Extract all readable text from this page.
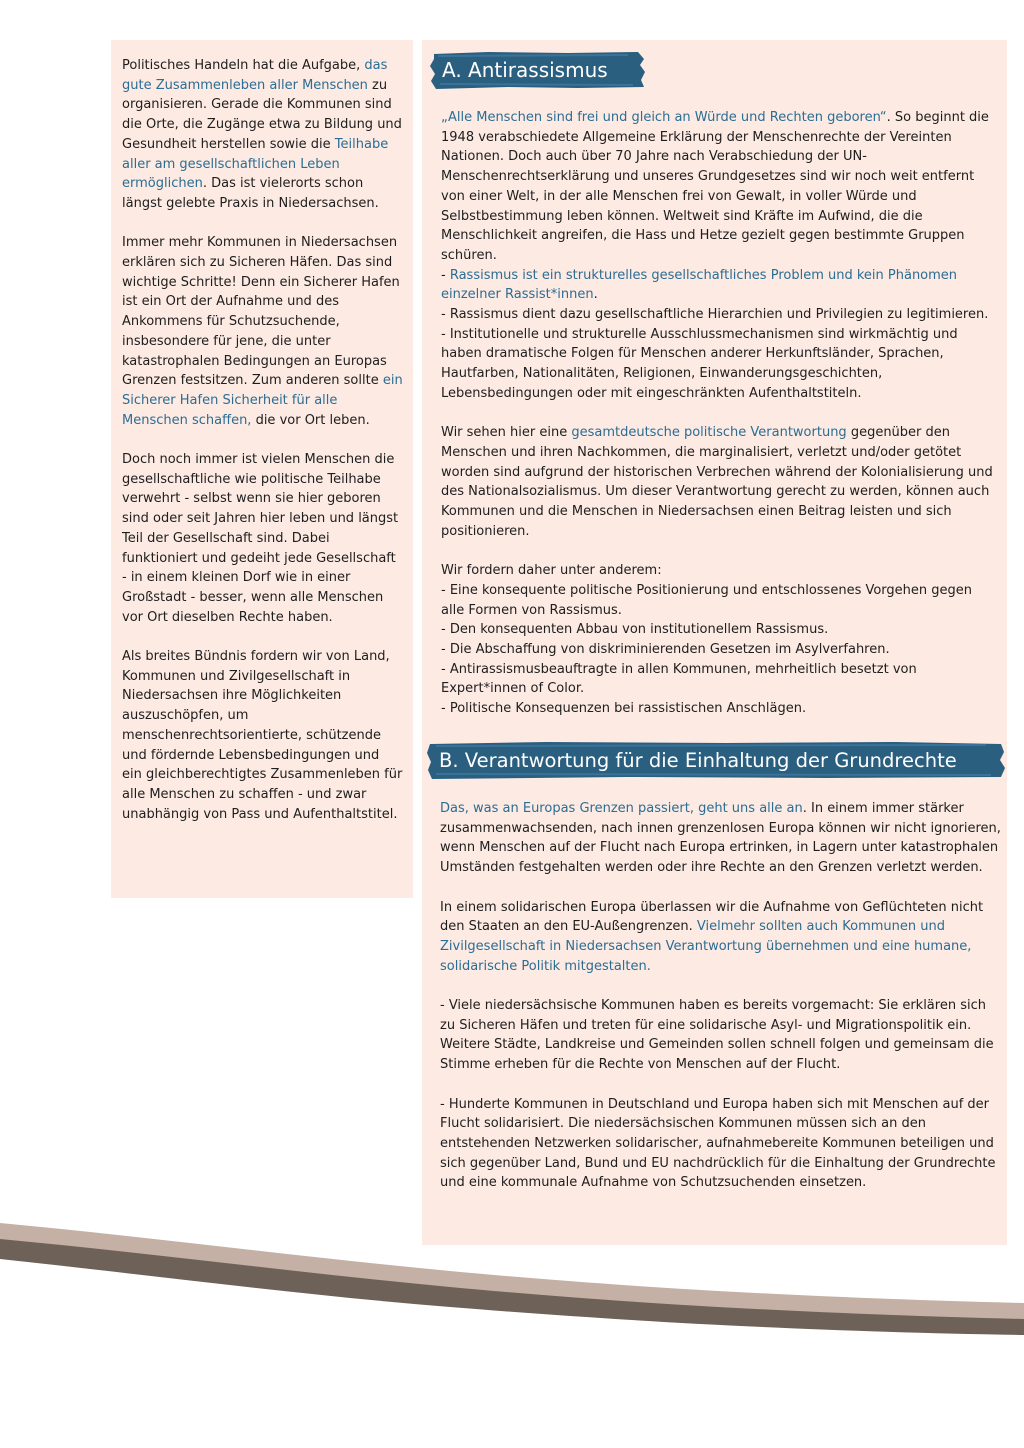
Politisches Handeln hat die Aufgabe, das gute Zusammenleben aller Menschen zu organisieren. Gerade die Kommunen sind die Orte, die Zugänge etwa zu Bildung und Gesundheit herstellen sowie die Teilhabe aller am gesellschaftlichen Leben ermöglichen. Das ist vielerorts schon längst gelebte Praxis in Niedersachsen.

Immer mehr Kommunen in Niedersachsen erklären sich zu Sicheren Häfen. Das sind wichtige Schritte! Denn ein Sicherer Hafen ist ein Ort der Aufnahme und des Ankommens für Schutzsuchende, insbesondere für jene, die unter katastrophalen Bedingungen an Europas Grenzen festsitzen. Zum anderen sollte ein Sicherer Hafen Sicherheit für alle Menschen schaffen, die vor Ort leben.

Doch noch immer ist vielen Menschen die gesellschaftliche wie politische Teilhabe verwehrt - selbst wenn sie hier geboren sind oder seit Jahren hier leben und längst Teil der Gesellschaft sind. Dabei funktioniert und gedeiht jede Gesellschaft - in einem kleinen Dorf wie in einer Großstadt - besser, wenn alle Menschen vor Ort dieselben Rechte haben.

Als breites Bündnis fordern wir von Land, Kommunen und Zivilgesellschaft in Niedersachsen ihre Möglichkeiten auszuschöpfen, um menschenrechtsorientierte, schützende und fördernde Lebensbedingungen und ein gleichberechtigtes Zusammenleben für alle Menschen zu schaffen - und zwar unabhängig von Pass und Aufenthaltstitel.

A. Antirassismus

„Alle Menschen sind frei und gleich an Würde und Rechten geboren“. So beginnt die 1948 verabschiedete Allgemeine Erklärung der Menschenrechte der Vereinten Nationen. Doch auch über 70 Jahre nach Verabschiedung der UN-Menschenrechtserklärung und unseres Grundgesetzes sind wir noch weit entfernt von einer Welt, in der alle Menschen frei von Gewalt, in voller Würde und Selbstbestimmung leben können. Weltweit sind Kräfte im Aufwind, die die Menschlichkeit angreifen, die Hass und Hetze gezielt gegen bestimmte Gruppen schüren.

- Rassismus ist ein strukturelles gesellschaftliches Problem und kein Phänomen einzelner Rassist*innen.

- Rassismus dient dazu gesellschaftliche Hierarchien und Privilegien zu legitimieren.

- Institutionelle und strukturelle Ausschlussmechanismen sind wirkmächtig und haben dramatische Folgen für Menschen anderer Herkunftsländer, Sprachen, Hautfarben, Nationalitäten, Religionen, Einwanderungsgeschichten, Lebensbedingungen oder mit eingeschränkten Aufenthaltstiteln.

Wir sehen hier eine gesamtdeutsche politische Verantwortung gegenüber den Menschen und ihren Nachkommen, die marginalisiert, verletzt und/oder getötet worden sind aufgrund der historischen Verbrechen während der Kolonialisierung und des Nationalsozialismus. Um dieser Verantwortung gerecht zu werden, können auch Kommunen und die Menschen in Niedersachsen einen Beitrag leisten und sich positionieren.

Wir fordern daher unter anderem:

- Eine konsequente politische Positionierung und entschlossenes Vorgehen gegen alle Formen von Rassismus.

- Den konsequenten Abbau von institutionellem Rassismus.

- Die Abschaffung von diskriminierenden Gesetzen im Asylverfahren.

- Antirassismusbeauftragte in allen Kommunen, mehrheitlich besetzt von Expert*innen of Color.

- Politische Konsequenzen bei rassistischen Anschlägen.

B. Verantwortung für die Einhaltung der Grundrechte

Das, was an Europas Grenzen passiert, geht uns alle an. In einem immer stärker zusammenwachsenden, nach innen grenzenlosen Europa können wir nicht ignorieren, wenn Menschen auf der Flucht nach Europa ertrinken, in Lagern unter katastrophalen Umständen festgehalten werden oder ihre Rechte an den Grenzen verletzt werden.

In einem solidarischen Europa überlassen wir die Aufnahme von Geflüchteten nicht den Staaten an den EU-Außengrenzen. Vielmehr sollten auch Kommunen und Zivilgesellschaft in Niedersachsen Verantwortung übernehmen und eine humane, solidarische Politik mitgestalten.

- Viele niedersächsische Kommunen haben es bereits vorgemacht: Sie erklären sich zu Sicheren Häfen und treten für eine solidarische Asyl- und Migrationspolitik ein. Weitere Städte, Landkreise und Gemeinden sollen schnell folgen und gemeinsam die Stimme erheben für die Rechte von Menschen auf der Flucht.

- Hunderte Kommunen in Deutschland und Europa haben sich mit Menschen auf der Flucht solidarisiert. Die niedersächsischen Kommunen müssen sich an den entstehenden Netzwerken solidarischer, aufnahmebereite Kommunen beteiligen und sich gegenüber Land, Bund und EU nachdrücklich für die Einhaltung der Grundrechte und eine kommunale Aufnahme von Schutzsuchenden einsetzen.
